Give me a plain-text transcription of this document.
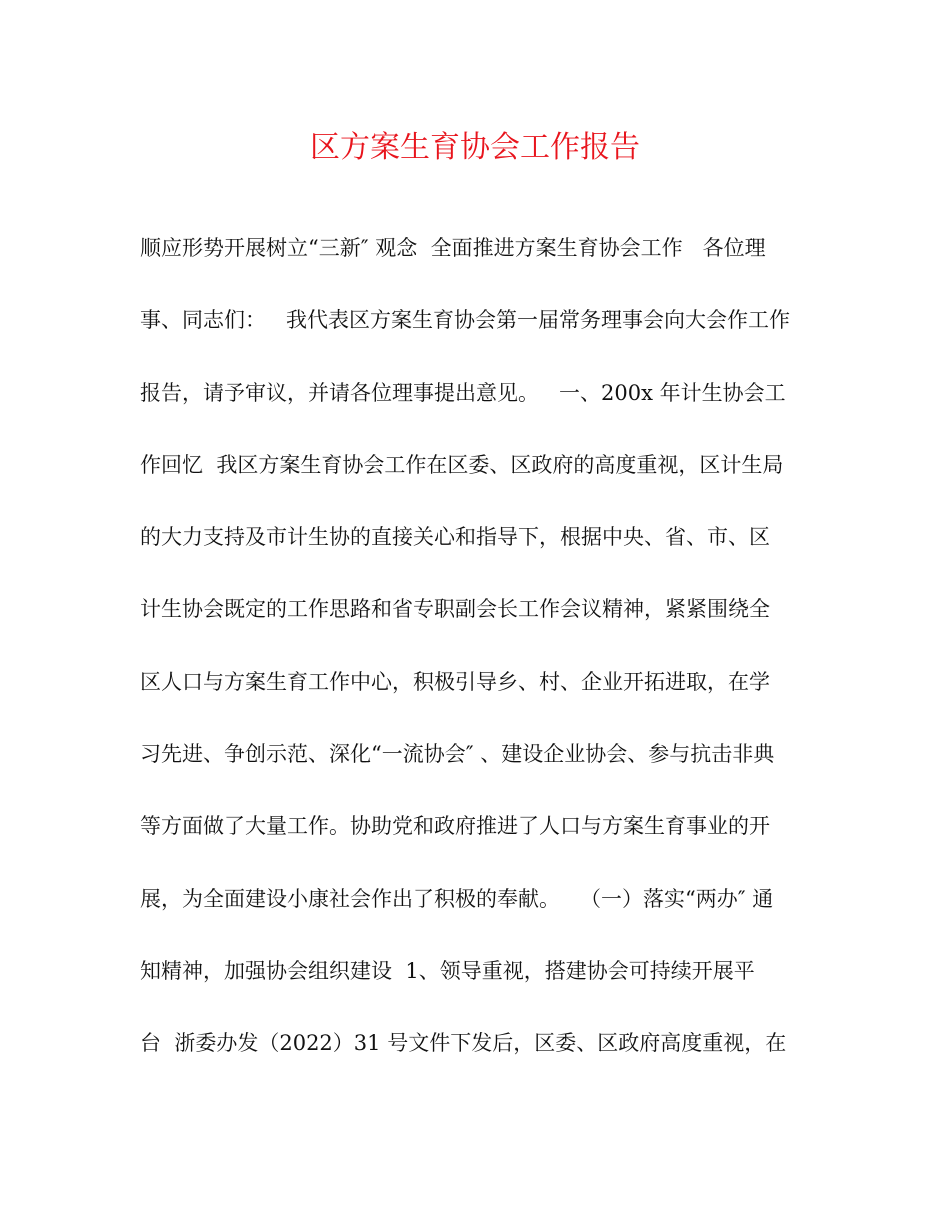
区方案生育协会工作报告
顺应形势开展树立“三新″ 观念  全面推进方案生育协会工作   各位理
事、同志们：   我代表区方案生育协会第一届常务理事会向大会作工作
报告，请予审议，并请各位理事提出意见。   一、200x 年计生协会工
作回忆  我区方案生育协会工作在区委、区政府的高度重视，区计生局
的大力支持及市计生协的直接关心和指导下，根据中央、省、市、区
计生协会既定的工作思路和省专职副会长工作会议精神，紧紧围绕全
区人口与方案生育工作中心，积极引导乡、村、企业开拓进取，在学
习先进、争创示范、深化“一流协会″ 、建设企业协会、参与抗击非典
等方面做了大量工作。协助党和政府推进了人口与方案生育事业的开
展，为全面建设小康社会作出了积极的奉献。   （一）落实“两办″ 通
知精神，加强协会组织建设  1、领导重视，搭建协会可持续开展平
台  浙委办发（2022）31 号文件下发后，区委、区政府高度重视，在
